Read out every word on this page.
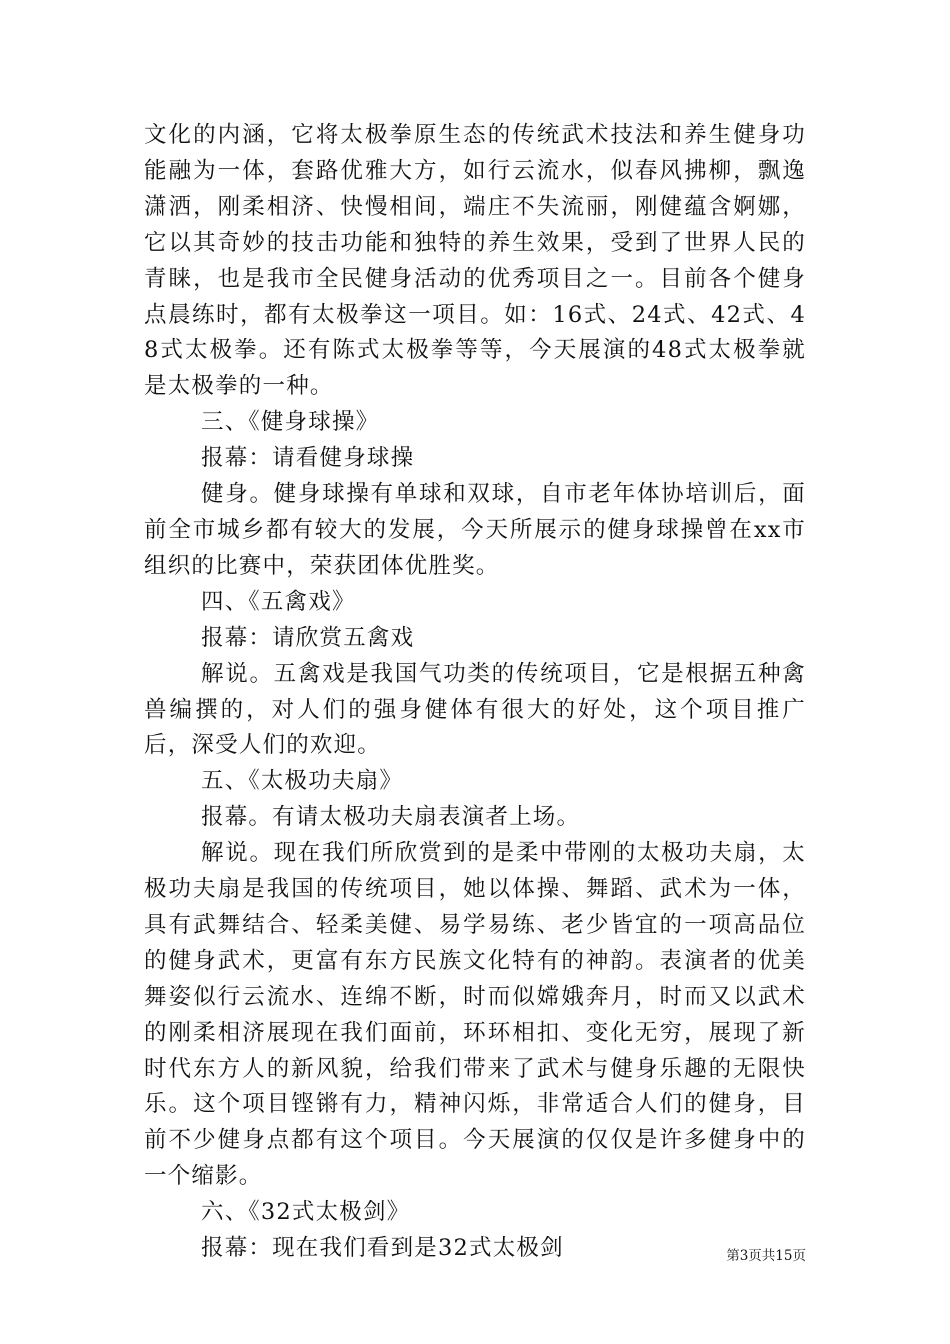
文化的内涵，它将太极拳原生态的传统武术技法和养生健身功能融为一体，套路优雅大方，如行云流水，似春风拂柳，飘逸潇洒，刚柔相济、快慢相间，端庄不失流丽，刚健蕴含婀娜，它以其奇妙的技击功能和独特的养生效果，受到了世界人民的青睐，也是我市全民健身活动的优秀项目之一。目前各个健身点晨练时，都有太极拳这一项目。如：16式、24式、42式、48式太极拳。还有陈式太极拳等等，今天展演的48式太极拳就是太极拳的一种。

三、《健身球操》

报幕：请看健身球操

健身。健身球操有单球和双球，自市老年体协培训后，面前全市城乡都有较大的发展，今天所展示的健身球操曾在xx市组织的比赛中，荣获团体优胜奖。

四、《五禽戏》

报幕：请欣赏五禽戏

解说。五禽戏是我国气功类的传统项目，它是根据五种禽兽编撰的，对人们的强身健体有很大的好处，这个项目推广后，深受人们的欢迎。

五、《太极功夫扇》

报幕。有请太极功夫扇表演者上场。

解说。现在我们所欣赏到的是柔中带刚的太极功夫扇，太极功夫扇是我国的传统项目，她以体操、舞蹈、武术为一体，具有武舞结合、轻柔美健、易学易练、老少皆宜的一项高品位的健身武术，更富有东方民族文化特有的神韵。表演者的优美舞姿似行云流水、连绵不断，时而似嫦娥奔月，时而又以武术的刚柔相济展现在我们面前，环环相扣、变化无穷，展现了新时代东方人的新风貌，给我们带来了武术与健身乐趣的无限快乐。这个项目铿锵有力，精神闪烁，非常适合人们的健身，目前不少健身点都有这个项目。今天展演的仅仅是许多健身中的一个缩影。

六、《32式太极剑》

报幕：现在我们看到是32式太极剑	第3页共15页
